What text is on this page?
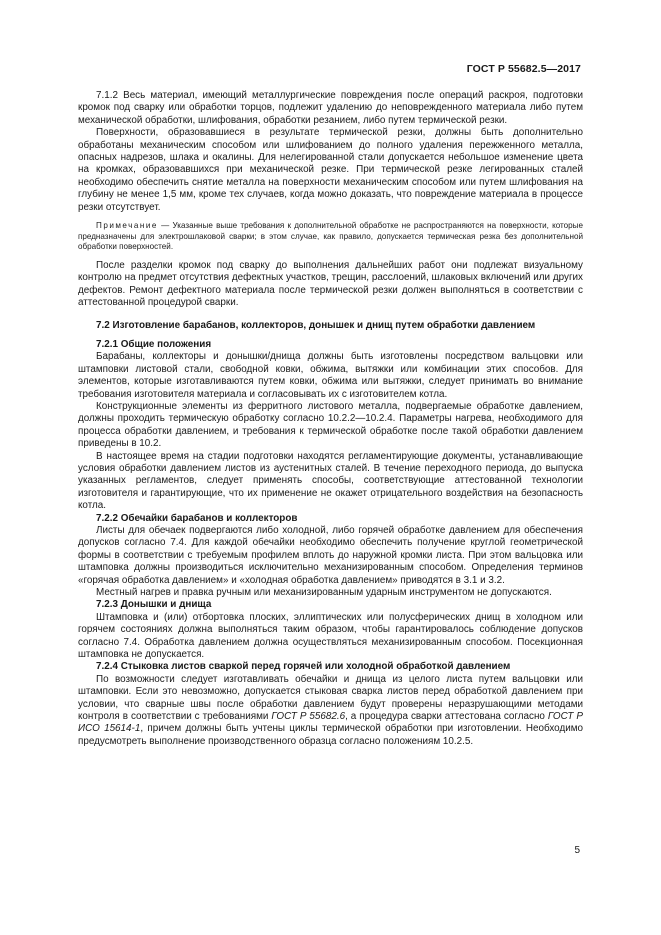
ГОСТ Р 55682.5—2017

7.1.2 Весь материал, имеющий металлургические повреждения после операций раскроя, подготовки кромок под сварку или обработки торцов, подлежит удалению до неповрежденного материала либо путем механической обработки, шлифования, обработки резанием, либо путем термической резки.

Поверхности, образовавшиеся в результате термической резки, должны быть дополнительно обработаны механическим способом или шлифованием до полного удаления пережженного металла, опасных надрезов, шлака и окалины. Для нелегированной стали допускается небольшое изменение цвета на кромках, образовавшихся при механической резке. При термической резке легированных сталей необходимо обеспечить снятие металла на поверхности механическим способом или путем шлифования на глубину не менее 1,5 мм, кроме тех случаев, когда можно доказать, что повреждение материала в процессе резки отсутствует.

Примечание — Указанные выше требования к дополнительной обработке не распространяются на поверхности, которые предназначены для электрошлаковой сварки; в этом случае, как правило, допускается термическая резка без дополнительной обработки поверхностей.

После разделки кромок под сварку до выполнения дальнейших работ они подлежат визуальному контролю на предмет отсутствия дефектных участков, трещин, расслоений, шлаковых включений или других дефектов. Ремонт дефектного материала после термической резки должен выполняться в соответствии с аттестованной процедурой сварки.

7.2 Изготовление барабанов, коллекторов, донышек и днищ путем обработки давлением

7.2.1 Общие положения

Барабаны, коллекторы и донышки/днища должны быть изготовлены посредством вальцовки или штамповки листовой стали, свободной ковки, обжима, вытяжки или комбинации этих способов. Для элементов, которые изготавливаются путем ковки, обжима или вытяжки, следует принимать во внимание требования изготовителя материала и согласовывать их с изготовителем котла.

Конструкционные элементы из ферритного листового металла, подвергаемые обработке давлением, должны проходить термическую обработку согласно 10.2.2—10.2.4. Параметры нагрева, необходимого для процесса обработки давлением, и требования к термической обработке после такой обработки давлением приведены в 10.2.

В настоящее время на стадии подготовки находятся регламентирующие документы, устанавливающие условия обработки давлением листов из аустенитных сталей. В течение переходного периода, до выпуска указанных регламентов, следует применять способы, соответствующие аттестованной технологии изготовителя и гарантирующие, что их применение не окажет отрицательного воздействия на безопасность котла.

7.2.2 Обечайки барабанов и коллекторов

Листы для обечаек подвергаются либо холодной, либо горячей обработке давлением для обеспечения допусков согласно 7.4. Для каждой обечайки необходимо обеспечить получение круглой геометрической формы в соответствии с требуемым профилем вплоть до наружной кромки листа. При этом вальцовка или штамповка должны производиться исключительно механизированным способом. Определения терминов «горячая обработка давлением» и «холодная обработка давлением» приводятся в 3.1 и 3.2.

Местный нагрев и правка ручным или механизированным ударным инструментом не допускаются.

7.2.3 Донышки и днища

Штамповка и (или) отбортовка плоских, эллиптических или полусферических днищ в холодном или горячем состояниях должна выполняться таким образом, чтобы гарантировалось соблюдение допусков согласно 7.4. Обработка давлением должна осуществляться механизированным способом. Посекционная штамповка не допускается.

7.2.4 Стыковка листов сваркой перед горячей или холодной обработкой давлением

По возможности следует изготавливать обечайки и днища из целого листа путем вальцовки или штамповки. Если это невозможно, допускается стыковая сварка листов перед обработкой давлением при условии, что сварные швы после обработки давлением будут проверены неразрушающими методами контроля в соответствии с требованиями ГОСТ Р 55682.6, а процедура сварки аттестована согласно ГОСТ Р ИСО 15614-1, причем должны быть учтены циклы термической обработки при изготовлении. Необходимо предусмотреть выполнение производственного образца согласно положениям 10.2.5.

5
